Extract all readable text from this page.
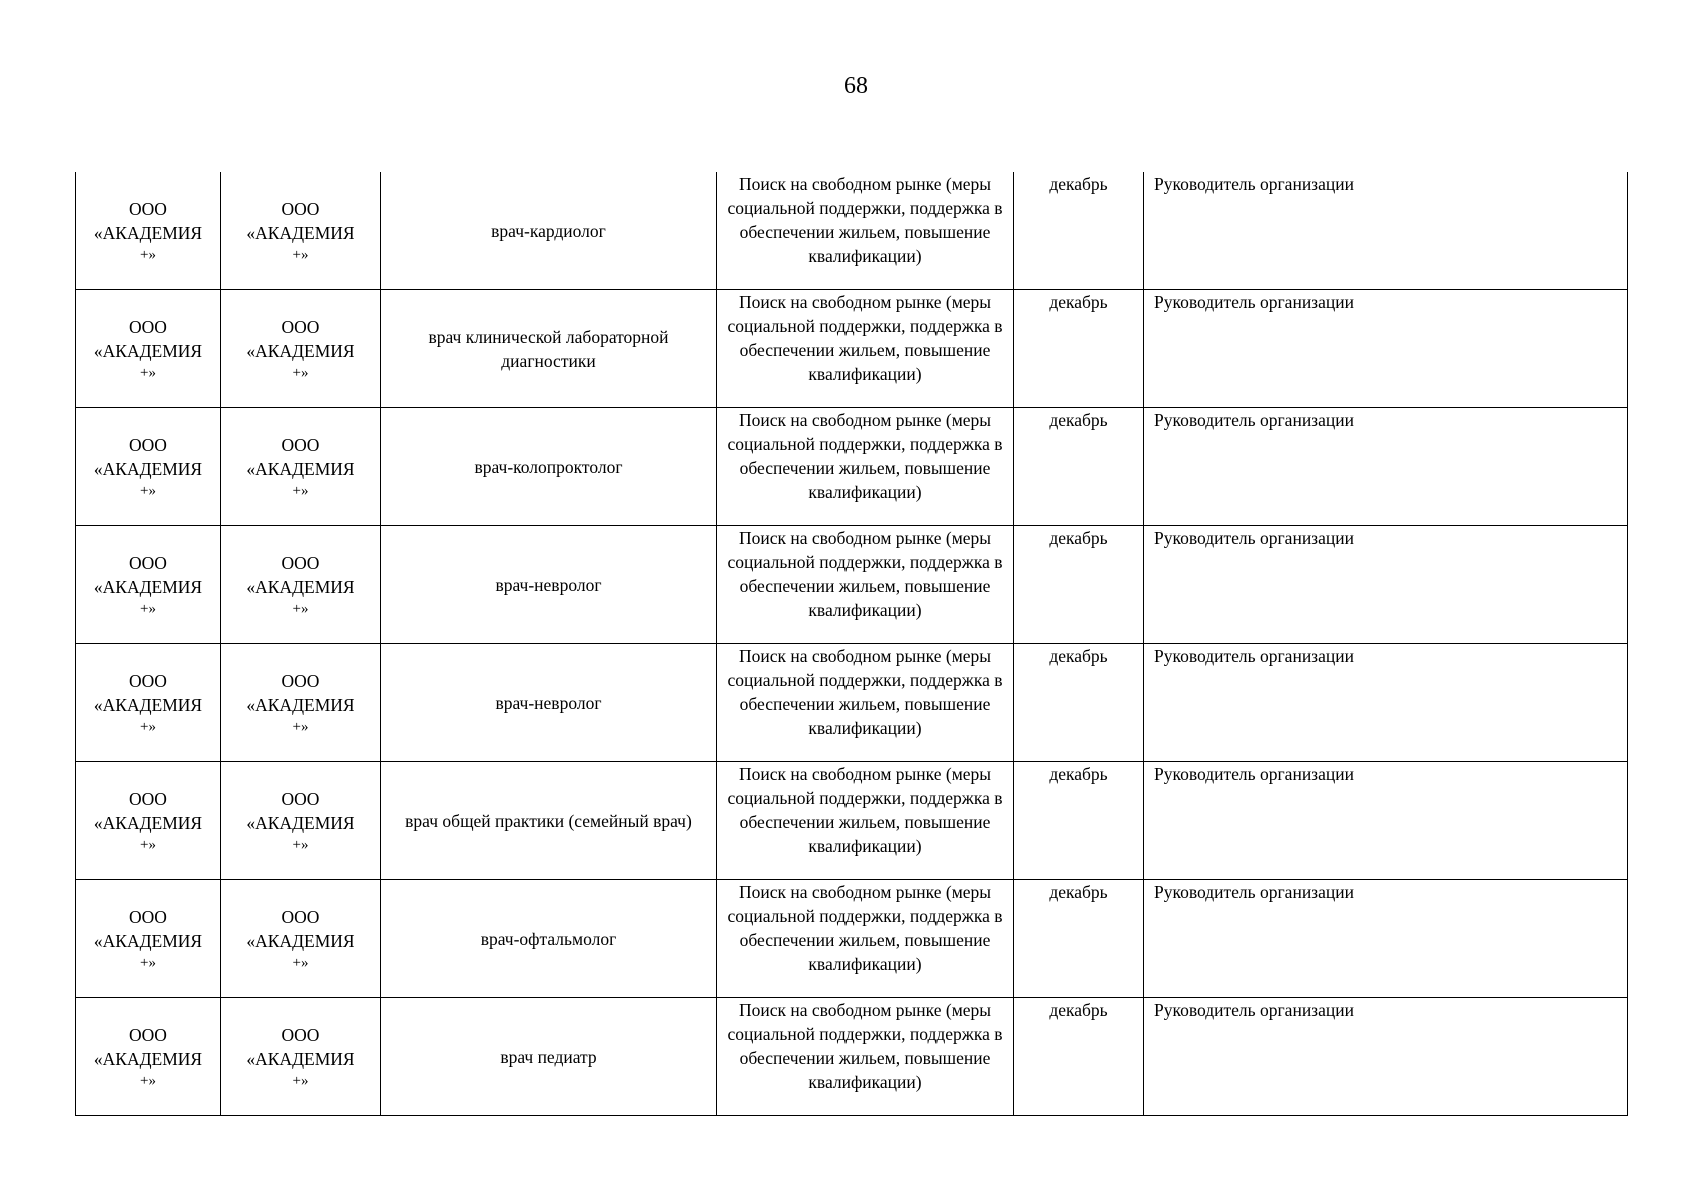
68
ООО
«АКАДЕМИЯ
+»	ООО
«АКАДЕМИЯ
+»	врач-кардиолог	Поиск на свободном рынке (меры социальной поддержки, поддержка в обеспечении жильем, повышение квалификации)	декабрь	Руководитель организации

ООО
«АКАДЕМИЯ
+»	ООО
«АКАДЕМИЯ
+»	врач клинической лабораторной диагностики	Поиск на свободном рынке (меры социальной поддержки, поддержка в обеспечении жильем, повышение квалификации)	декабрь	Руководитель организации

ООО
«АКАДЕМИЯ
+»	ООО
«АКАДЕМИЯ
+»	врач-колопроктолог	Поиск на свободном рынке (меры социальной поддержки, поддержка в обеспечении жильем, повышение квалификации)	декабрь	Руководитель организации

ООО
«АКАДЕМИЯ
+»	ООО
«АКАДЕМИЯ
+»	врач-невролог	Поиск на свободном рынке (меры социальной поддержки, поддержка в обеспечении жильем, повышение квалификации)	декабрь	Руководитель организации

ООО
«АКАДЕМИЯ
+»	ООО
«АКАДЕМИЯ
+»	врач-невролог	Поиск на свободном рынке (меры социальной поддержки, поддержка в обеспечении жильем, повышение квалификации)	декабрь	Руководитель организации

ООО
«АКАДЕМИЯ
+»	ООО
«АКАДЕМИЯ
+»	врач общей практики (семейный врач)	Поиск на свободном рынке (меры социальной поддержки, поддержка в обеспечении жильем, повышение квалификации)	декабрь	Руководитель организации

ООО
«АКАДЕМИЯ
+»	ООО
«АКАДЕМИЯ
+»	врач-офтальмолог	Поиск на свободном рынке (меры социальной поддержки, поддержка в обеспечении жильем, повышение квалификации)	декабрь	Руководитель организации

ООО
«АКАДЕМИЯ
+»	ООО
«АКАДЕМИЯ
+»	врач педиатр	Поиск на свободном рынке (меры социальной поддержки, поддержка в обеспечении жильем, повышение квалификации)	декабрь	Руководитель организации
